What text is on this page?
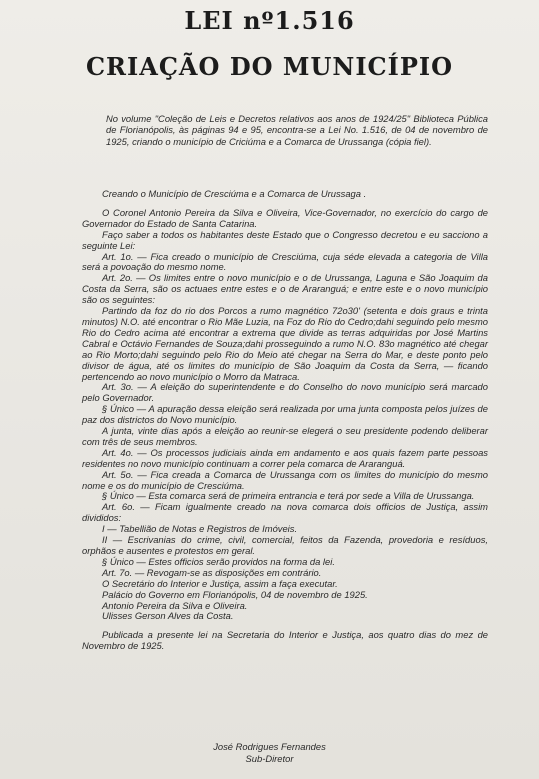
LEI nº1.516
CRIAÇÃO DO MUNICÍPIO
No volume "Coleção de Leis e Decretos relativos aos anos de 1924/25" Biblioteca Pública de Florianópolis, às páginas 94 e 95, encontra-se a Lei No. 1.516, de 04 de novembro de 1925, criando o município de Criciúma e a Comarca de Urussanga (cópia fiel).

Creando o Município de Cresciúma e a Comarca de Urussaga .

O Coronel Antonio Pereira da Silva e Oliveira, Vice-Governador, no exercício do cargo de Governador do Estado de Santa Catarina.

Faço saber a todos os habitantes deste Estado que o Congresso decretou e eu sacciono a seguinte Lei:

Art. 1o. — Fica creado o município de Cresciúma, cuja séde elevada a categoria de Villa será a povoação do mesmo nome.

Art. 2o. — Os limites entre o novo município e o de Urussanga, Laguna e São Joaquim da Costa da Serra, são os actuaes entre estes e o de Araranguá; e entre este e o novo município são os seguintes:

Partindo da foz do rio dos Porcos a rumo magnético 72o30' (setenta e dois graus e trinta minutos) N.O. até encontrar o Rio Mãe Luzia, na Foz do Rio do Cedro;dahi seguindo pelo mesmo Rio do Cedro acima até encontrar a extrema que divide as terras adquiridas por José Martins Cabral e Octávio Fernandes de Souza;dahi prosseguindo a rumo N.O. 83o magnético até chegar ao Rio Morto;dahi seguindo pelo Rio do Meio até chegar na Serra do Mar, e deste ponto pelo divisor de água, até os limites do município de São Joaquim da Costa da Serra, — ficando pertencendo ao novo município o Morro da Matraca.

Art. 3o. — A eleição do superintendente e do Conselho do novo município será marcado pelo Governador.

§ Único — A apuração dessa eleição será realizada por uma junta composta pelos juízes de paz dos districtos do Novo município.

A junta, vinte dias após a eleição ao reunir-se elegerá o seu presidente podendo deliberar com três de seus membros.

Art. 4o. — Os processos judiciais ainda em andamento e aos quais fazem parte pessoas residentes no novo município continuam a correr pela comarca de Araranguá.

Art. 5o. — Fica creada a Comarca de Urussanga com os limites do município do mesmo nome e os do município de Cresciúma.

§ Único — Esta comarca será de primeira entrancia e terá por sede a Villa de Urussanga.

Art. 6o. — Ficam igualmente creado na nova comarca dois officios de Justiça, assim divididos:

I — Tabellião de Notas e Registros de Imóveis.

II — Escrivanias do crime, civil, comercial, feitos da Fazenda, provedoria e resíduos, orphãos e ausentes e protestos em geral.

§ Único — Estes officios serão providos na forma da lei.

Art. 7o. — Revogam-se as disposições em contrário.

O Secretário do Interior e Justiça, assim a faça executar.

Palácio do Governo em Florianópolis, 04 de novembro de 1925.

Antonio Pereira da Silva e Oliveira.

Ulisses Gerson Alves da Costa.

Publicada a presente lei na Secretaria do Interior e Justiça, aos quatro dias do mez de Novembro de 1925.

José Rodrigues Fernandes
Sub-Diretor
